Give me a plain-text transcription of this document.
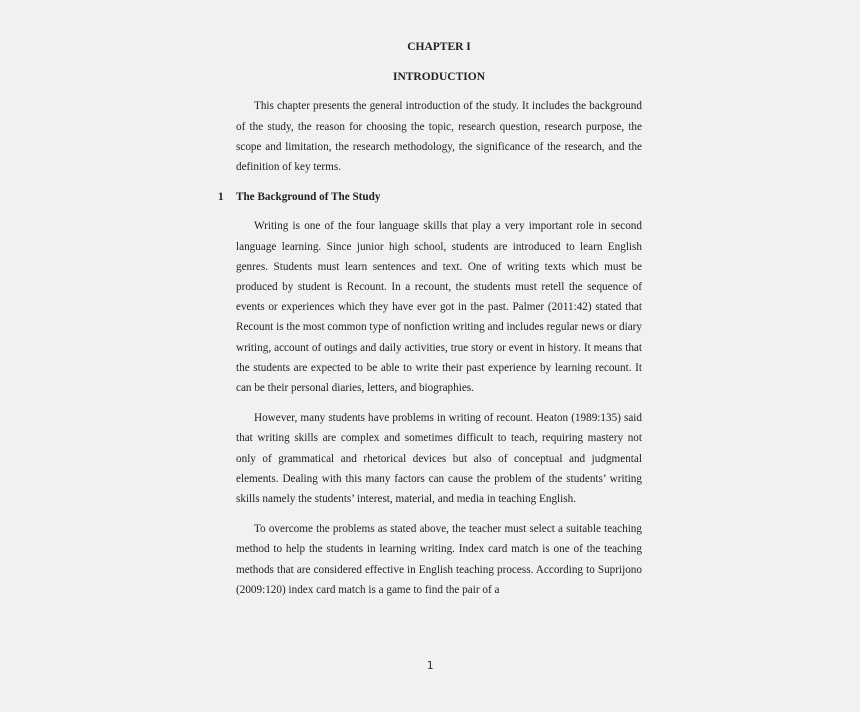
CHAPTER I
INTRODUCTION

This chapter presents the general introduction of the study. It includes the background of the study, the reason for choosing the topic, research question, research purpose, the scope and limitation, the research methodology, the significance of the research, and the definition of key terms.

1 The Background of The Study

Writing is one of the four language skills that play a very important role in second language learning. Since junior high school, students are introduced to learn English genres. Students must learn sentences and text. One of writing texts which must be produced by student is Recount. In a recount, the students must retell the sequence of events or experiences which they have ever got in the past. Palmer (2011:42) stated that Recount is the most common type of nonfiction writing and includes regular news or diary writing, account of outings and daily activities, true story or event in history. It means that the students are expected to be able to write their past experience by learning recount. It can be their personal diaries, letters, and biographies.

However, many students have problems in writing of recount. Heaton (1989:135) said that writing skills are complex and sometimes difficult to teach, requiring mastery not only of grammatical and rhetorical devices but also of conceptual and judgmental elements. Dealing with this many factors can cause the problem of the students’ writing skills namely the students’ interest, material, and media in teaching English.

To overcome the problems as stated above, the teacher must select a suitable teaching method to help the students in learning writing. Index card match is one of the teaching methods that are considered effective in English teaching process. According to Suprijono (2009:120) index card match is a game to find the pair of a

1
